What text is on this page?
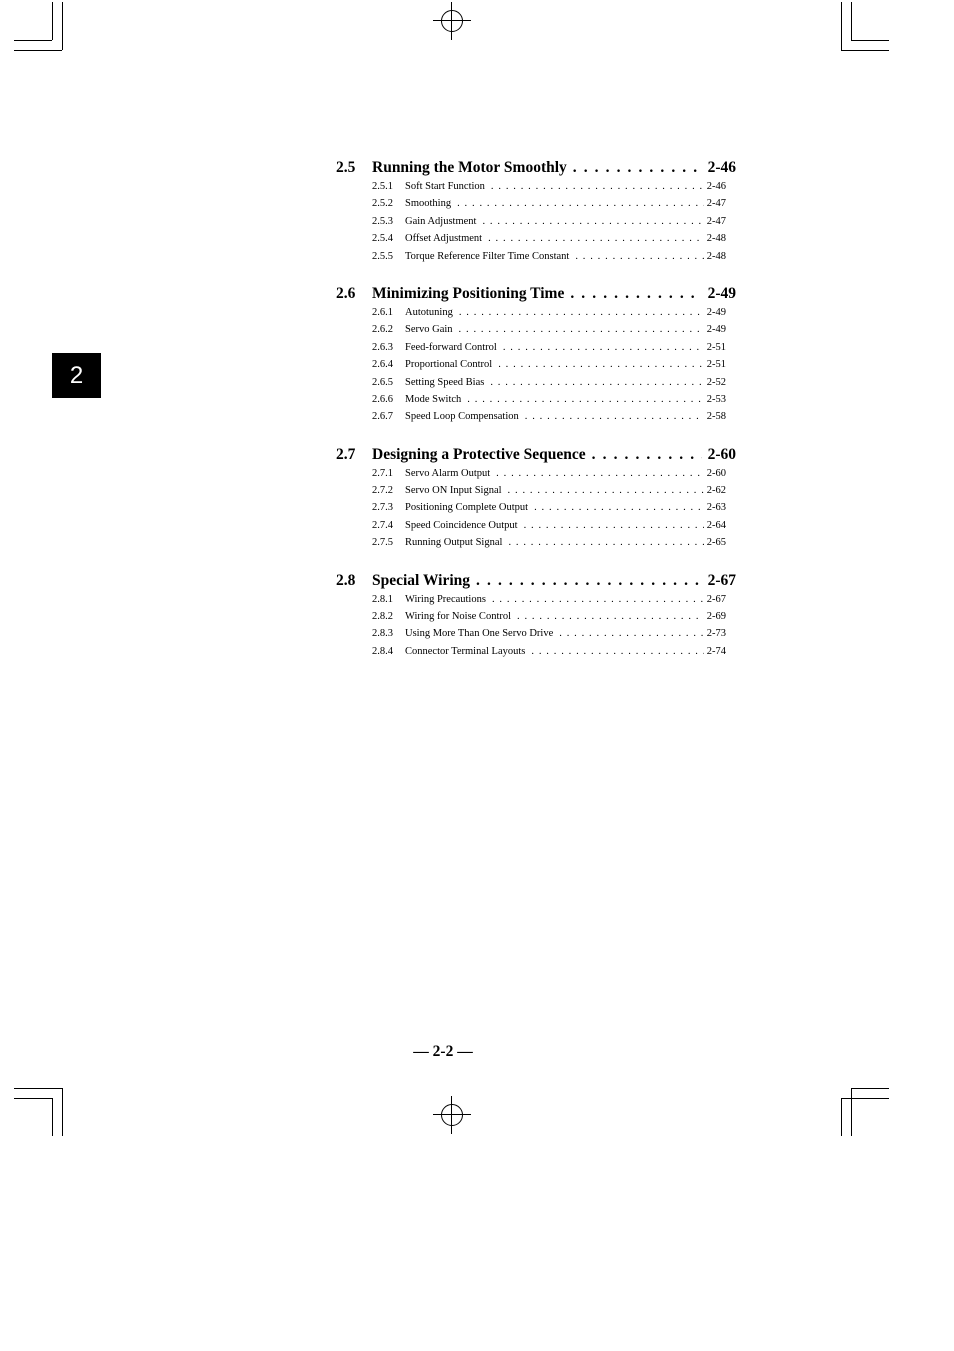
2
2.5	Running the Motor Smoothly . . .	2-46
2.5.1	Soft Start Function . . .	2-46
2.5.2	Smoothing . . .	2-47
2.5.3	Gain Adjustment . . .	2-47
2.5.4	Offset Adjustment . . .	2-48
2.5.5	Torque Reference Filter Time Constant . . .	2-48
2.6	Minimizing Positioning Time . . .	2-49
2.6.1	Autotuning . . .	2-49
2.6.2	Servo Gain . . .	2-49
2.6.3	Feed-forward Control . . .	2-51
2.6.4	Proportional Control . . .	2-51
2.6.5	Setting Speed Bias . . .	2-52
2.6.6	Mode Switch . . .	2-53
2.6.7	Speed Loop Compensation . . .	2-58
2.7	Designing a Protective Sequence . . .	2-60
2.7.1	Servo Alarm Output . . .	2-60
2.7.2	Servo ON Input Signal . . .	2-62
2.7.3	Positioning Complete Output . . .	2-63
2.7.4	Speed Coincidence Output . . .	2-64
2.7.5	Running Output Signal . . .	2-65
2.8	Special Wiring . . .	2-67
2.8.1	Wiring Precautions . . .	2-67
2.8.2	Wiring for Noise Control . . .	2-69
2.8.3	Using More Than One Servo Drive . . .	2-73
2.8.4	Connector Terminal Layouts . . .	2-74
— 2-2 —
